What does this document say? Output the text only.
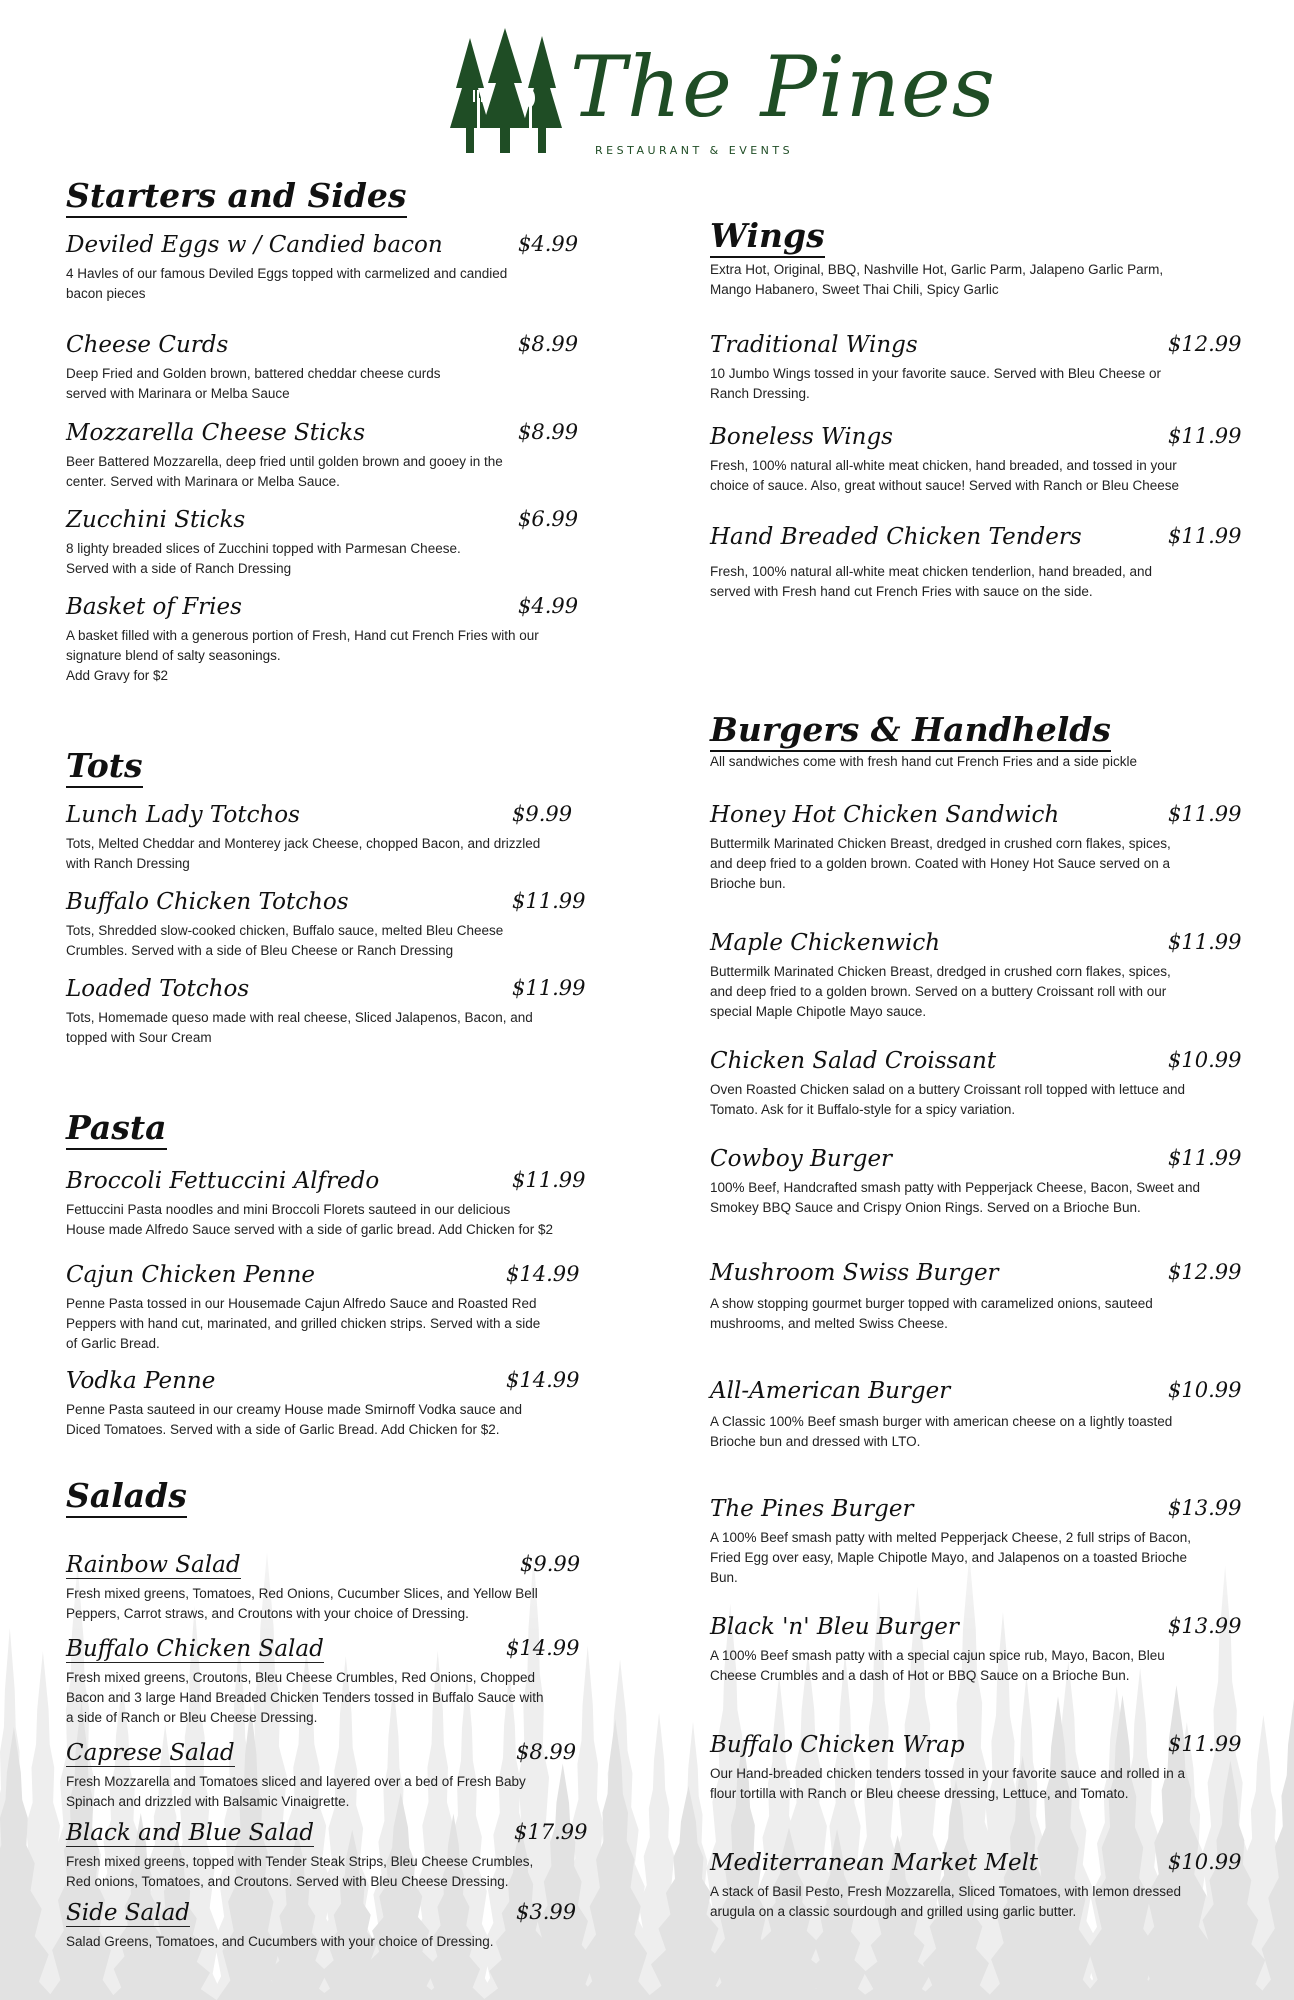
The Pines
RESTAURANT & EVENTS
Starters and Sides
Deviled Eggs w / Candied bacon	$4.99
4 Havles of our famous Deviled Eggs topped with carmelized and candied
bacon pieces
Cheese Curds	$8.99
Deep Fried and Golden brown, battered cheddar cheese curds
served with Marinara or Melba Sauce
Mozzarella Cheese Sticks	$8.99
Beer Battered Mozzarella, deep fried until golden brown and gooey in the
center. Served with Marinara or Melba Sauce.
Zucchini Sticks	$6.99
8 lighty breaded slices of Zucchini topped with Parmesan Cheese.
Served with a side of Ranch Dressing
Basket of Fries	$4.99
A basket filled with a generous portion of Fresh, Hand cut French Fries with our
signature blend of salty seasonings.
Add Gravy for $2
Tots
Lunch Lady Totchos	$9.99
Tots, Melted Cheddar and Monterey jack Cheese, chopped Bacon, and drizzled
with Ranch Dressing
Buffalo Chicken Totchos	$11.99
Tots, Shredded slow-cooked chicken, Buffalo sauce, melted Bleu Cheese
Crumbles. Served with a side of Bleu Cheese or Ranch Dressing
Loaded Totchos	$11.99
Tots, Homemade queso made with real cheese, Sliced Jalapenos, Bacon, and
topped with Sour Cream
Pasta
Broccoli Fettuccini Alfredo	$11.99
Fettuccini Pasta noodles and mini Broccoli Florets sauteed in our delicious
House made Alfredo Sauce served with a side of garlic bread. Add Chicken for $2
Cajun Chicken Penne	$14.99
Penne Pasta tossed in our Housemade Cajun Alfredo Sauce and Roasted Red
Peppers with hand cut, marinated, and grilled chicken strips. Served with a side
of Garlic Bread.
Vodka Penne	$14.99
Penne Pasta sauteed in our creamy House made Smirnoff Vodka sauce and
Diced Tomatoes. Served with a side of Garlic Bread. Add Chicken for $2.
Salads
Rainbow Salad	$9.99
Fresh mixed greens, Tomatoes, Red Onions, Cucumber Slices, and Yellow Bell
Peppers, Carrot straws, and Croutons with your choice of Dressing.
Buffalo Chicken Salad	$14.99
Fresh mixed greens, Croutons, Bleu Cheese Crumbles, Red Onions, Chopped
Bacon and 3 large Hand Breaded Chicken Tenders tossed in Buffalo Sauce with
a side of Ranch or Bleu Cheese Dressing.
Caprese Salad	$8.99
Fresh Mozzarella and Tomatoes sliced and layered over a bed of Fresh Baby
Spinach and drizzled with Balsamic Vinaigrette.
Black and Blue Salad	$17.99
Fresh mixed greens, topped with Tender Steak Strips, Bleu Cheese Crumbles,
Red onions, Tomatoes, and Croutons. Served with Bleu Cheese Dressing.
Side Salad	$3.99
Salad Greens, Tomatoes, and Cucumbers with your choice of Dressing.
Wings
Extra Hot, Original, BBQ, Nashville Hot, Garlic Parm, Jalapeno Garlic Parm,
Mango Habanero, Sweet Thai Chili, Spicy Garlic
Traditional Wings	$12.99
10 Jumbo Wings tossed in your favorite sauce. Served with Bleu Cheese or
Ranch Dressing.
Boneless Wings	$11.99
Fresh, 100% natural all-white meat chicken, hand breaded, and tossed in your
choice of sauce. Also, great without sauce! Served with Ranch or Bleu Cheese
Hand Breaded Chicken Tenders	$11.99
Fresh, 100% natural all-white meat chicken tenderlion, hand breaded, and
served with Fresh hand cut French Fries with sauce on the side.
Burgers & Handhelds
All sandwiches come with fresh hand cut French Fries and a side pickle
Honey Hot Chicken Sandwich	$11.99
Buttermilk Marinated Chicken Breast, dredged in crushed corn flakes, spices,
and deep fried to a golden brown. Coated with Honey Hot Sauce served on a
Brioche bun.
Maple Chickenwich	$11.99
Buttermilk Marinated Chicken Breast, dredged in crushed corn flakes, spices,
and deep fried to a golden brown. Served on a buttery Croissant roll with our
special Maple Chipotle Mayo sauce.
Chicken Salad Croissant	$10.99
Oven Roasted Chicken salad on a buttery Croissant roll topped with lettuce and
Tomato. Ask for it Buffalo-style for a spicy variation.
Cowboy Burger	$11.99
100% Beef, Handcrafted smash patty with Pepperjack Cheese, Bacon, Sweet and
Smokey BBQ Sauce and Crispy Onion Rings. Served on a Brioche Bun.
Mushroom Swiss Burger	$12.99
A show stopping gourmet burger topped with caramelized onions, sauteed
mushrooms, and melted Swiss Cheese.
All-American Burger	$10.99
A Classic 100% Beef smash burger with american cheese on a lightly toasted
Brioche bun and dressed with LTO.
The Pines Burger	$13.99
A 100% Beef smash patty with melted Pepperjack Cheese, 2 full strips of Bacon,
Fried Egg over easy, Maple Chipotle Mayo, and Jalapenos on a toasted Brioche
Bun.
Black 'n' Bleu Burger	$13.99
A 100% Beef smash patty with a special cajun spice rub, Mayo, Bacon, Bleu
Cheese Crumbles and a dash of Hot or BBQ Sauce on a Brioche Bun.
Buffalo Chicken Wrap	$11.99
Our Hand-breaded chicken tenders tossed in your favorite sauce and rolled in a
flour tortilla with Ranch or Bleu cheese dressing, Lettuce, and Tomato.
Mediterranean Market Melt	$10.99
A stack of Basil Pesto, Fresh Mozzarella, Sliced Tomatoes, with lemon dressed
arugula on a classic sourdough and grilled using garlic butter.
